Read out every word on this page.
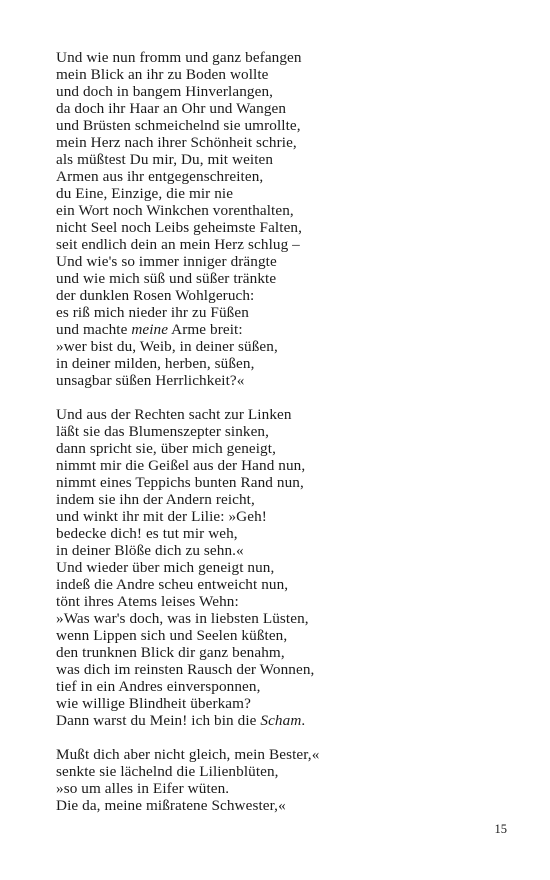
Und wie nun fromm und ganz befangen
mein Blick an ihr zu Boden wollte
und doch in bangem Hinverlangen,
da doch ihr Haar an Ohr und Wangen
und Brüsten schmeichelnd sie umrollte,
mein Herz nach ihrer Schönheit schrie,
als müßtest Du mir, Du, mit weiten
Armen aus ihr entgegenschreiten,
du Eine, Einzige, die mir nie
ein Wort noch Winkchen vorenthalten,
nicht Seel noch Leibs geheimste Falten,
seit endlich dein an mein Herz schlug –
Und wie's so immer inniger drängte
und wie mich süß und süßer tränkte
der dunklen Rosen Wohlgeruch:
es riß mich nieder ihr zu Füßen
und machte meine Arme breit:
»wer bist du, Weib, in deiner süßen,
in deiner milden, herben, süßen,
unsagbar süßen Herrlichkeit?«
Und aus der Rechten sacht zur Linken
läßt sie das Blumenszepter sinken,
dann spricht sie, über mich geneigt,
nimmt mir die Geißel aus der Hand nun,
nimmt eines Teppichs bunten Rand nun,
indem sie ihn der Andern reicht,
und winkt ihr mit der Lilie: »Geh!
bedecke dich! es tut mir weh,
in deiner Blöße dich zu sehn.«
Und wieder über mich geneigt nun,
indeß die Andre scheu entweicht nun,
tönt ihres Atems leises Wehn:
»Was war's doch, was in liebsten Lüsten,
wenn Lippen sich und Seelen küßten,
den trunknen Blick dir ganz benahm,
was dich im reinsten Rausch der Wonnen,
tief in ein Andres einversponnen,
wie willige Blindheit überkam?
Dann warst du Mein! ich bin die Scham.
Mußt dich aber nicht gleich, mein Bester,«
senkte sie lächelnd die Lilienblüten,
»so um alles in Eifer wüten.
Die da, meine mißratene Schwester,«
15
